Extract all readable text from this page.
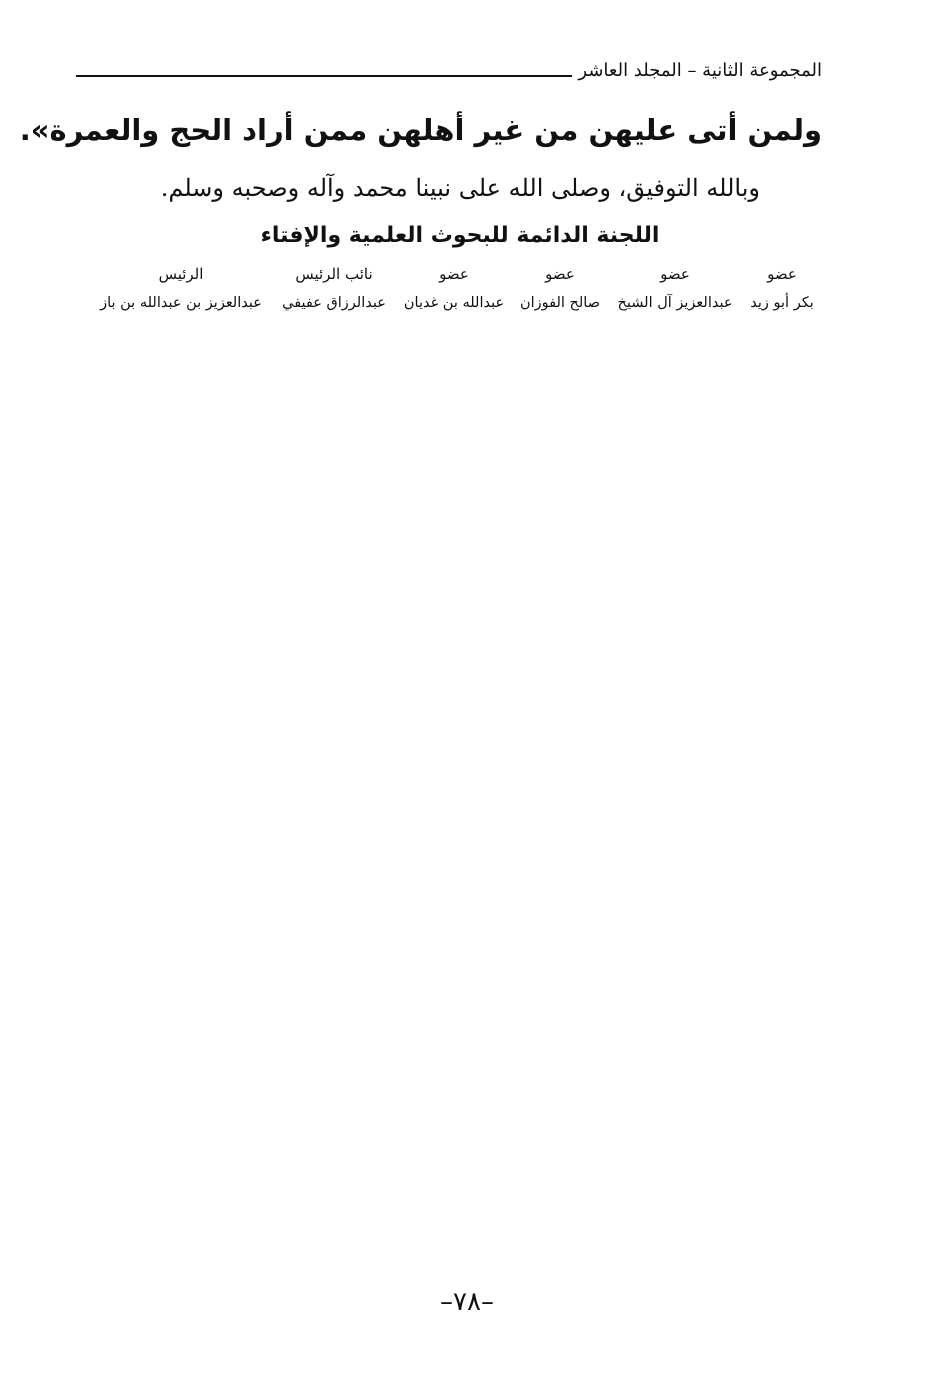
المجموعة الثانية – المجلد العاشر
ولمن أتى عليهن من غير أهلهن ممن أراد الحج والعمرة».
وبالله التوفيق، وصلى الله على نبينا محمد وآله وصحبه وسلم.
اللجنة الدائمة للبحوث العلمية والإفتاء
عضو
بكر أبو زيد
عضو
عبدالعزيز آل الشيخ
عضو
صالح الفوزان
عضو
عبدالله بن غديان
نائب الرئيس
عبدالرزاق عفيفي
الرئيس
عبدالعزيز بن عبدالله بن باز
–٧٨–
